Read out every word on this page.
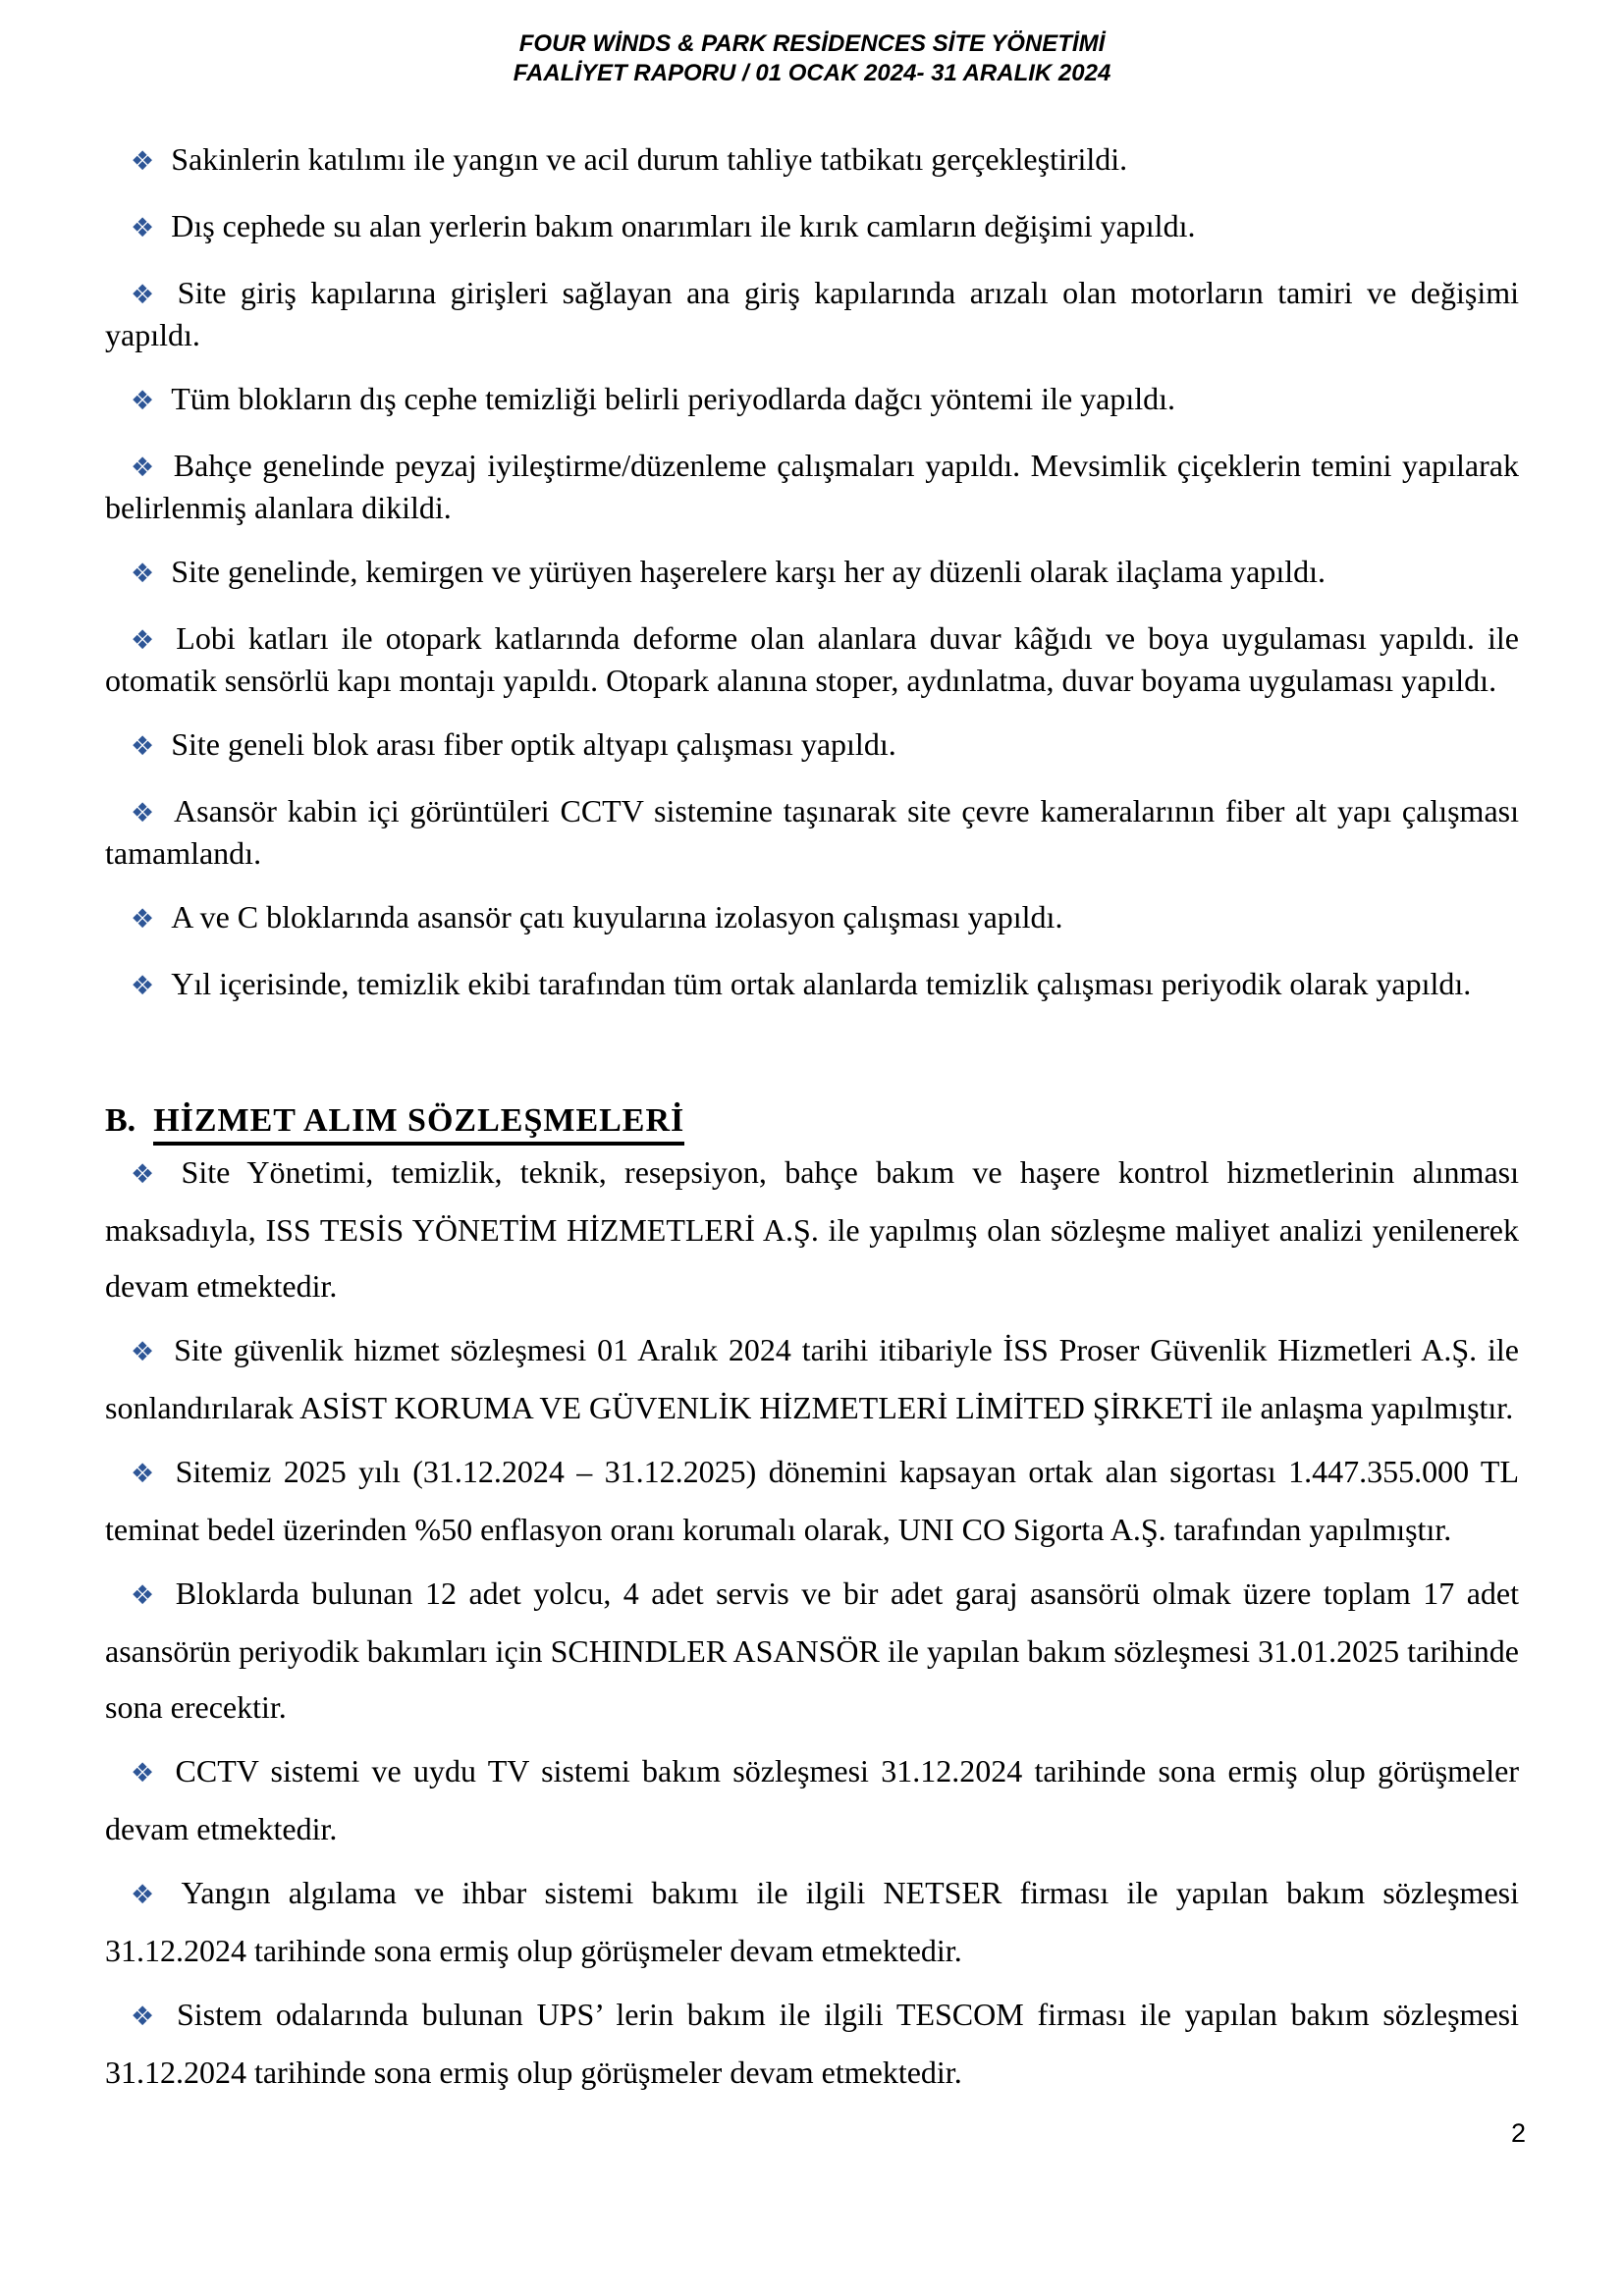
FOUR WİNDS & PARK RESİDENCES SİTE YÖNETİMİ
FAALİYET RAPORU / 01 OCAK 2024- 31 ARALIK 2024

❖ Sakinlerin katılımı ile yangın ve acil durum tahliye tatbikatı gerçekleştirildi.

❖ Dış cephede su alan yerlerin bakım onarımları ile kırık camların değişimi yapıldı.

❖ Site giriş kapılarına girişleri sağlayan ana giriş kapılarında arızalı olan motorların tamiri ve değişimi yapıldı.

❖ Tüm blokların dış cephe temizliği belirli periyodlarda dağcı yöntemi ile yapıldı.

❖ Bahçe genelinde peyzaj iyileştirme/düzenleme çalışmaları yapıldı. Mevsimlik çiçeklerin temini yapılarak belirlenmiş alanlara dikildi.

❖ Site genelinde, kemirgen ve yürüyen haşerelere karşı her ay düzenli olarak ilaçlama yapıldı.

❖ Lobi katları ile otopark katlarında deforme olan alanlara duvar kâğıdı ve boya uygulaması yapıldı. ile otomatik sensörlü kapı montajı yapıldı. Otopark alanına stoper, aydınlatma, duvar boyama uygulaması yapıldı.

❖ Site geneli blok arası fiber optik altyapı çalışması yapıldı.

❖ Asansör kabin içi görüntüleri CCTV sistemine taşınarak site çevre kameralarının fiber alt yapı çalışması tamamlandı.

❖ A ve C bloklarında asansör çatı kuyularına izolasyon çalışması yapıldı.

❖ Yıl içerisinde, temizlik ekibi tarafından tüm ortak alanlarda temizlik çalışması periyodik olarak yapıldı.

B. HİZMET ALIM SÖZLEŞMELERİ

❖ Site Yönetimi, temizlik, teknik, resepsiyon, bahçe bakım ve haşere kontrol hizmetlerinin alınması maksadıyla, ISS TESİS YÖNETİM HİZMETLERİ A.Ş. ile yapılmış olan sözleşme maliyet analizi yenilenerek devam etmektedir.

❖ Site güvenlik hizmet sözleşmesi 01 Aralık 2024 tarihi itibariyle İSS Proser Güvenlik Hizmetleri A.Ş. ile sonlandırılarak ASİST KORUMA VE GÜVENLİK HİZMETLERİ LİMİTED ŞİRKETİ ile anlaşma yapılmıştır.

❖ Sitemiz 2025 yılı (31.12.2024 – 31.12.2025) dönemini kapsayan ortak alan sigortası 1.447.355.000 TL teminat bedel üzerinden %50 enflasyon oranı korumalı olarak, UNI CO Sigorta A.Ş. tarafından yapılmıştır.

❖ Bloklarda bulunan 12 adet yolcu, 4 adet servis ve bir adet garaj asansörü olmak üzere toplam 17 adet asansörün periyodik bakımları için SCHINDLER ASANSÖR ile yapılan bakım sözleşmesi 31.01.2025 tarihinde sona erecektir.

❖ CCTV sistemi ve uydu TV sistemi bakım sözleşmesi 31.12.2024 tarihinde sona ermiş olup görüşmeler devam etmektedir.

❖ Yangın algılama ve ihbar sistemi bakımı ile ilgili NETSER firması ile yapılan bakım sözleşmesi 31.12.2024 tarihinde sona ermiş olup görüşmeler devam etmektedir.

❖ Sistem odalarında bulunan UPS’ lerin bakım ile ilgili TESCOM firması ile yapılan bakım sözleşmesi 31.12.2024 tarihinde sona ermiş olup görüşmeler devam etmektedir.

2
